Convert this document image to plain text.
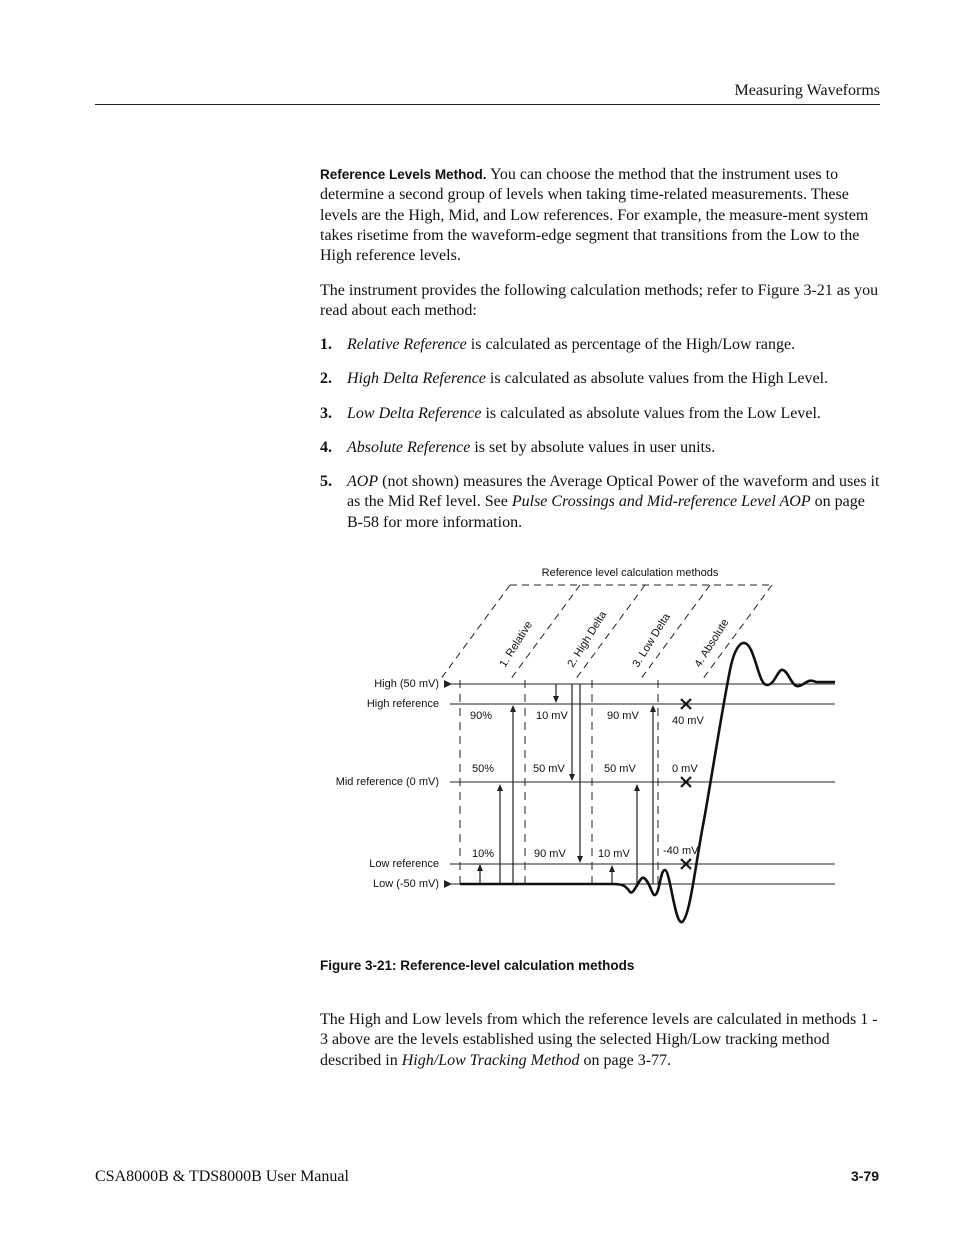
Measuring Waveforms

Reference Levels Method. You can choose the method that the instrument uses to determine a second group of levels when taking time-related measurements. These levels are the High, Mid, and Low references. For example, the measure-ment system takes risetime from the waveform-edge segment that transitions from the Low to the High reference levels.

The instrument provides the following calculation methods; refer to Figure 3-21 as you read about each method:

1. Relative Reference is calculated as percentage of the High/Low range.
2. High Delta Reference is calculated as absolute values from the High Level.
3. Low Delta Reference is calculated as absolute values from the Low Level.
4. Absolute Reference is set by absolute values in user units.
5. AOP (not shown) measures the Average Optical Power of the waveform and uses it as the Mid Ref level. See Pulse Crossings and Mid-reference Level AOP on page B-58 for more information.
Reference level calculation methods
1. Relative	2. High Delta 3. Low Delta 4. Absolute
High (50 mV)
High reference
Mid reference (0 mV)
Low reference
Low (-50 mV)
90%
50%
10%
10 mV
50 mV
90 mV
90 mV
50 mV
10 mV
40 mV
0 mV
-40 mV
Figure 3-21: Reference-level calculation methods

The High and Low levels from which the reference levels are calculated in methods 1 - 3 above are the levels established using the selected High/Low tracking method described in High/Low Tracking Method on page 3-77.

CSA8000B & TDS8000B User Manual	3-79
